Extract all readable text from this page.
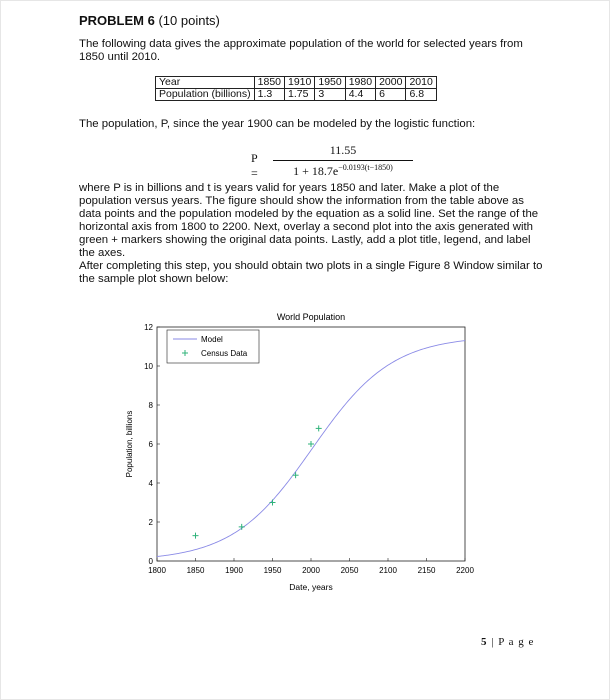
PROBLEM 6 (10 points)
The following data gives the approximate population of the world for selected years from 1850 until 2010.
Year	1850	1910	1950	1980	2000	2010
Population (billions)	1.3	1.75	3	4.4	6	6.8
The population, P, since the year 1900 can be modeled by the logistic function:
$P = \frac{11.55}{1 + 18.7e^{-0.0193(t-1850)}}$
where P is in billions and t is years valid for years 1850 and later. Make a plot of the population versus years. The figure should show the information from the table above as data points and the population modeled by the equation as a solid line. Set the range of the horizontal axis from 1800 to 2200. Next, overlay a second plot into the axis generated with green + markers showing the original data points. Lastly, add a plot title, legend, and label the axes.
After completing this step, you should obtain two plots in a single Figure 8 Window similar to the sample plot shown below:
World Population
1800	1850	1900	1950	2000	2050	2100	2150	2200
0
2
4
6
8
10
12
Date, years
Population, billions
Model
Census Data
5 | P a g e
